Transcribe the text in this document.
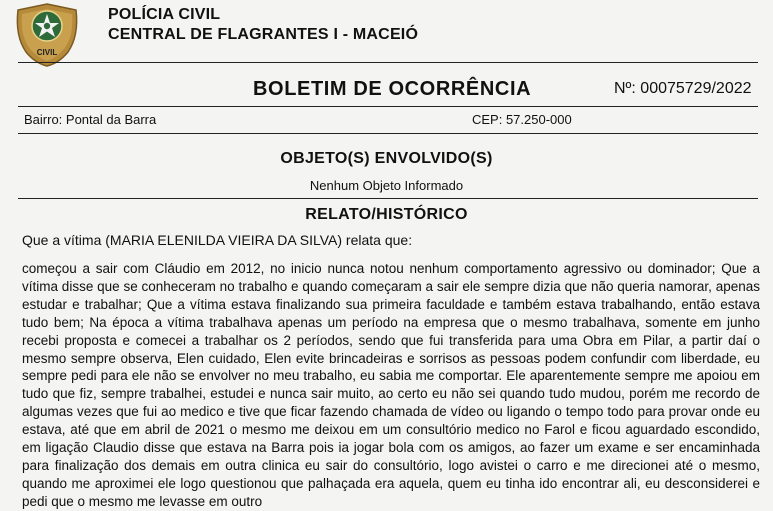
CIVIL
POLÍCIA CIVIL
CENTRAL DE FLAGRANTES I - MACEIÓ
BOLETIM DE OCORRÊNCIA	Nº: 00075729/2022
Bairro: Pontal da Barra	CEP: 57.250-000
OBJETO(S) ENVOLVIDO(S)
Nenhum Objeto Informado
RELATO/HISTÓRICO
Que a vítima (MARIA ELENILDA VIEIRA DA SILVA) relata que:
começou a sair com Cláudio em 2012, no inicio nunca notou nenhum comportamento agressivo ou dominador; Que a vítima disse que se conheceram no trabalho e quando começaram a sair ele sempre dizia que não queria namorar, apenas estudar e trabalhar; Que a vítima estava finalizando sua primeira faculdade e também estava trabalhando, então estava tudo bem; Na época a vítima trabalhava apenas um período na empresa que o mesmo trabalhava, somente em junho recebi proposta e comecei a trabalhar os 2 períodos, sendo que fui transferida para uma Obra em Pilar, a partir daí o mesmo sempre observa, Elen cuidado, Elen evite brincadeiras e sorrisos as pessoas podem confundir com liberdade, eu sempre pedi para ele não se envolver no meu trabalho, eu sabia me comportar. Ele aparentemente sempre me apoiou em tudo que fiz, sempre trabalhei, estudei e nunca sair muito, ao certo eu não sei quando tudo mudou, porém me recordo de algumas vezes que fui ao medico e tive que ficar fazendo chamada de vídeo ou ligando o tempo todo para provar onde eu estava, até que em abril de 2021 o mesmo me deixou em um consultório medico no Farol e ficou aguardado escondido, em ligação Claudio disse que estava na Barra pois ia jogar bola com os amigos, ao fazer um exame e ser encaminhada para finalização dos demais em outra clinica eu sair do consultório, logo avistei o carro e me direcionei até o mesmo, quando me aproximei ele logo questionou que palhaçada era aquela, quem eu tinha ido encontrar ali, eu desconsiderei e pedi que o mesmo me levasse em outro
